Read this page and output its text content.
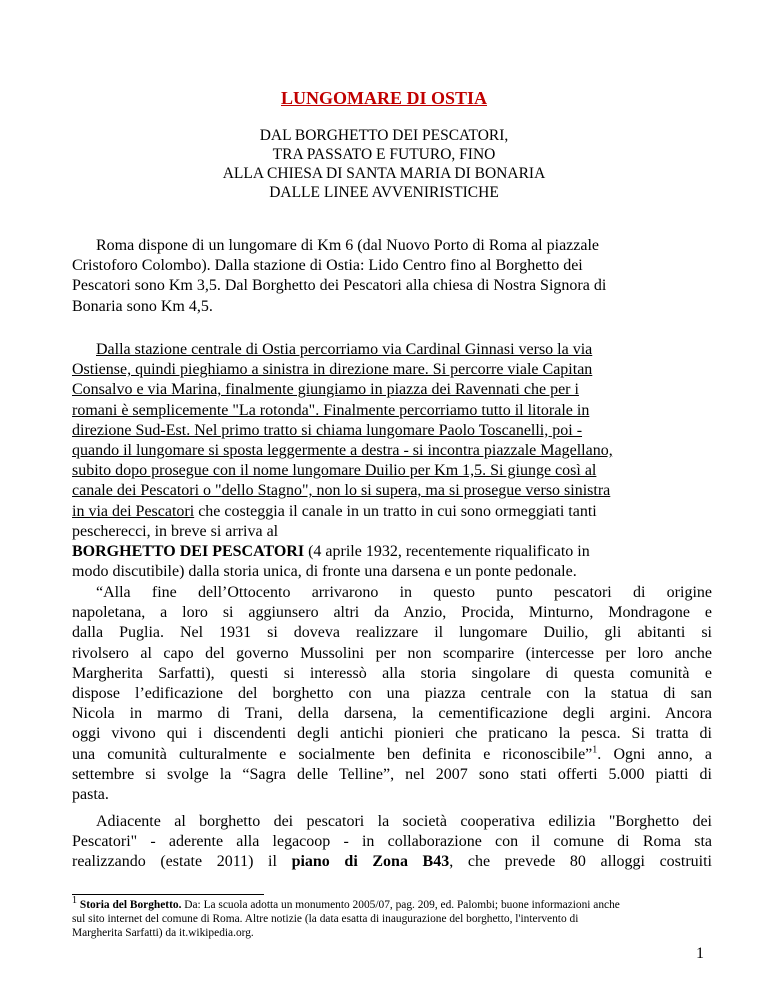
LUNGOMARE DI OSTIA
DAL BORGHETTO DEI PESCATORI,
TRA PASSATO E FUTURO, FINO
ALLA CHIESA DI SANTA MARIA DI BONARIA
DALLE LINEE AVVENIRISTICHE
Roma dispone di un lungomare di Km 6 (dal Nuovo Porto di Roma al piazzale
Cristoforo Colombo). Dalla stazione di Ostia: Lido Centro fino al Borghetto dei
Pescatori sono Km 3,5. Dal Borghetto dei Pescatori alla chiesa di Nostra Signora di
Bonaria sono Km 4,5.
Dalla stazione centrale di Ostia percorriamo via Cardinal Ginnasi verso la via
Ostiense, quindi pieghiamo a sinistra in direzione mare. Si percorre viale Capitan
Consalvo e via Marina, finalmente giungiamo in piazza dei Ravennati che per i
romani è semplicemente "La rotonda". Finalmente percorriamo tutto il litorale in
direzione Sud-Est. Nel primo tratto si chiama lungomare Paolo Toscanelli, poi -
quando il lungomare si sposta leggermente a destra - si incontra piazzale Magellano,
subito dopo prosegue con il nome lungomare Duilio per Km 1,5. Si giunge così al
canale dei Pescatori o "dello Stagno", non lo si supera, ma si prosegue verso sinistra
in via dei Pescatori che costeggia il canale in un tratto in cui sono ormeggiati tanti
pescherecci, in breve si arriva al
BORGHETTO DEI PESCATORI (4 aprile 1932, recentemente riqualificato in
modo discutibile) dalla storia unica, di fronte una darsena e un ponte pedonale.
“Alla fine dell’Ottocento arrivarono in questo punto pescatori di origine
napoletana, a loro si aggiunsero altri da Anzio, Procida, Minturno, Mondragone e
dalla Puglia. Nel 1931 si doveva realizzare il lungomare Duilio, gli abitanti si
rivolsero al capo del governo Mussolini per non scomparire (intercesse per loro anche
Margherita Sarfatti), questi si interessò alla storia singolare di questa comunità e
dispose l’edificazione del borghetto con una piazza centrale con la statua di san
Nicola in marmo di Trani, della darsena, la cementificazione degli argini. Ancora
oggi vivono qui i discendenti degli antichi pionieri che praticano la pesca. Si tratta di
una comunità culturalmente e socialmente ben definita e riconoscibile”$^1$. Ogni anno, a
settembre si svolge la “Sagra delle Telline”, nel 2007 sono stati offerti 5.000 piatti di
pasta.
Adiacente al borghetto dei pescatori la società cooperativa edilizia "Borghetto dei
Pescatori" - aderente alla legacoop - in collaborazione con il comune di Roma sta
realizzando (estate 2011) il piano di Zona B43, che prevede 80 alloggi costruiti
$^1$ Storia del Borghetto. Da: La scuola adotta un monumento 2005/07, pag. 209, ed. Palombi; buone informazioni anche
sul sito internet del comune di Roma. Altre notizie (la data esatta di inaugurazione del borghetto, l'intervento di
Margherita Sarfatti) da it.wikipedia.org.
1
